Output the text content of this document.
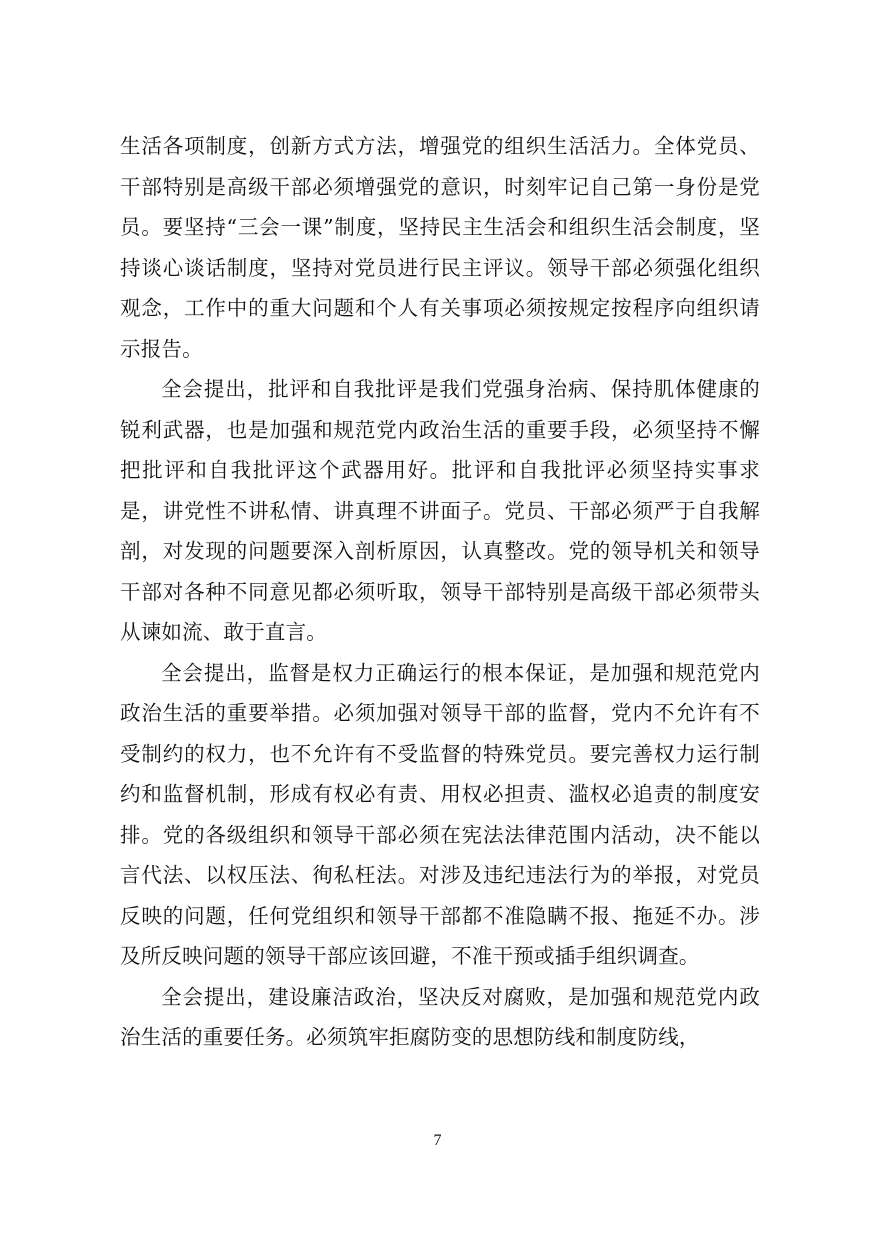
生活各项制度，创新方式方法，增强党的组织生活活力。全体党员、干部特别是高级干部必须增强党的意识，时刻牢记自己第一身份是党员。要坚持“三会一课”制度，坚持民主生活会和组织生活会制度，坚持谈心谈话制度，坚持对党员进行民主评议。领导干部必须强化组织观念，工作中的重大问题和个人有关事项必须按规定按程序向组织请示报告。

全会提出，批评和自我批评是我们党强身治病、保持肌体健康的锐利武器，也是加强和规范党内政治生活的重要手段，必须坚持不懈把批评和自我批评这个武器用好。批评和自我批评必须坚持实事求是，讲党性不讲私情、讲真理不讲面子。党员、干部必须严于自我解剖，对发现的问题要深入剖析原因，认真整改。党的领导机关和领导干部对各种不同意见都必须听取，领导干部特别是高级干部必须带头从谏如流、敢于直言。

全会提出，监督是权力正确运行的根本保证，是加强和规范党内政治生活的重要举措。必须加强对领导干部的监督，党内不允许有不受制约的权力，也不允许有不受监督的特殊党员。要完善权力运行制约和监督机制，形成有权必有责、用权必担责、滥权必追责的制度安排。党的各级组织和领导干部必须在宪法法律范围内活动，决不能以言代法、以权压法、徇私枉法。对涉及违纪违法行为的举报，对党员反映的问题，任何党组织和领导干部都不准隐瞒不报、拖延不办。涉及所反映问题的领导干部应该回避，不准干预或插手组织调查。

全会提出，建设廉洁政治，坚决反对腐败，是加强和规范党内政治生活的重要任务。必须筑牢拒腐防变的思想防线和制度防线，

7
